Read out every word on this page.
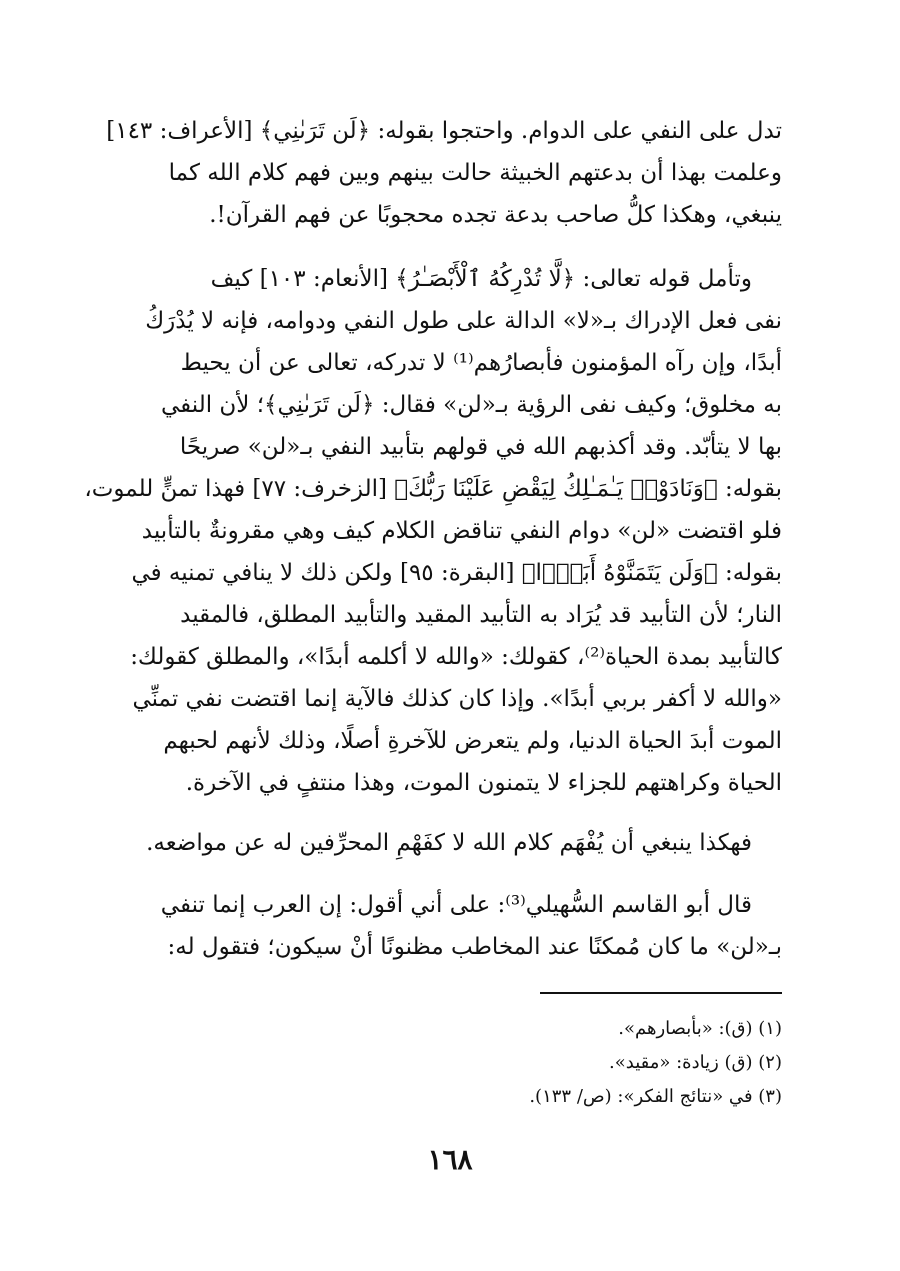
تدل على النفي على الدوام. واحتجوا بقوله: ﴿لَن تَرَىٰنِي﴾ [الأعراف: ١٤٣]
وعلمت بهذا أن بدعتهم الخبيثة حالت بينهم وبين فهم كلام الله كما
ينبغي، وهكذا كلُّ صاحب بدعة تجده محجوبًا عن فهم القرآن!.
وتأمل قوله تعالى: ﴿لَّا تُدْرِكُهُ ٱلْأَبْصَـٰرُ﴾ [الأنعام: ١٠٣] كيف
نفى فعل الإدراك بـ«لا» الدالة على طول النفي ودوامه، فإنه لا يُدْرَكُ
أبدًا، وإن رآه المؤمنون فأبصارُهم⁽¹⁾ لا تدركه، تعالى عن أن يحيط
به مخلوق؛ وكيف نفى الرؤية بـ«لن» فقال: ﴿لَن تَرَىٰنِي﴾؛ لأن النفي
بها لا يتأبّد. وقد أكذبهم الله في قولهم بتأبيد النفي بـ«لن» صريحًا
بقوله: ﴿وَنَادَوْا۟ يَـٰمَـٰلِكُ لِيَقْضِ عَلَيْنَا رَبُّكَ﴾ [الزخرف: ٧٧] فهذا تمنٍّ للموت،
فلو اقتضت «لن» دوام النفي تناقض الكلام كيف وهي مقرونةٌ بالتأبيد
بقوله: ﴿وَلَن يَتَمَنَّوْهُ أَبَدًۢا﴾ [البقرة: ٩٥] ولكن ذلك لا ينافي تمنيه في
النار؛ لأن التأبيد قد يُرَاد به التأبيد المقيد والتأبيد المطلق، فالمقيد
كالتأبيد بمدة الحياة⁽²⁾، كقولك: «والله لا أكلمه أبدًا»، والمطلق كقولك:
«والله لا أكفر بربي أبدًا». وإذا كان كذلك فالآية إنما اقتضت نفي تمنِّي
الموت أبدَ الحياة الدنيا، ولم يتعرض للآخرةِ أصلًا، وذلك لأنهم لحبهم
الحياة وكراهتهم للجزاء لا يتمنون الموت، وهذا منتفٍ في الآخرة.
فهكذا ينبغي أن يُفْهَم كلام الله لا كفَهْمِ المحرِّفين له عن مواضعه.
قال أبو القاسم السُّهيلي⁽³⁾: على أني أقول: إن العرب إنما تنفي
بـ«لن» ما كان مُمكنًا عند المخاطب مظنونًا أنْ سيكون؛ فتقول له:
(١) (ق): «بأبصارهم».
(٢) (ق) زيادة: «مقيد».
(٣) في «نتائج الفكر»: (ص/ ١٣٣).
١٦٨
